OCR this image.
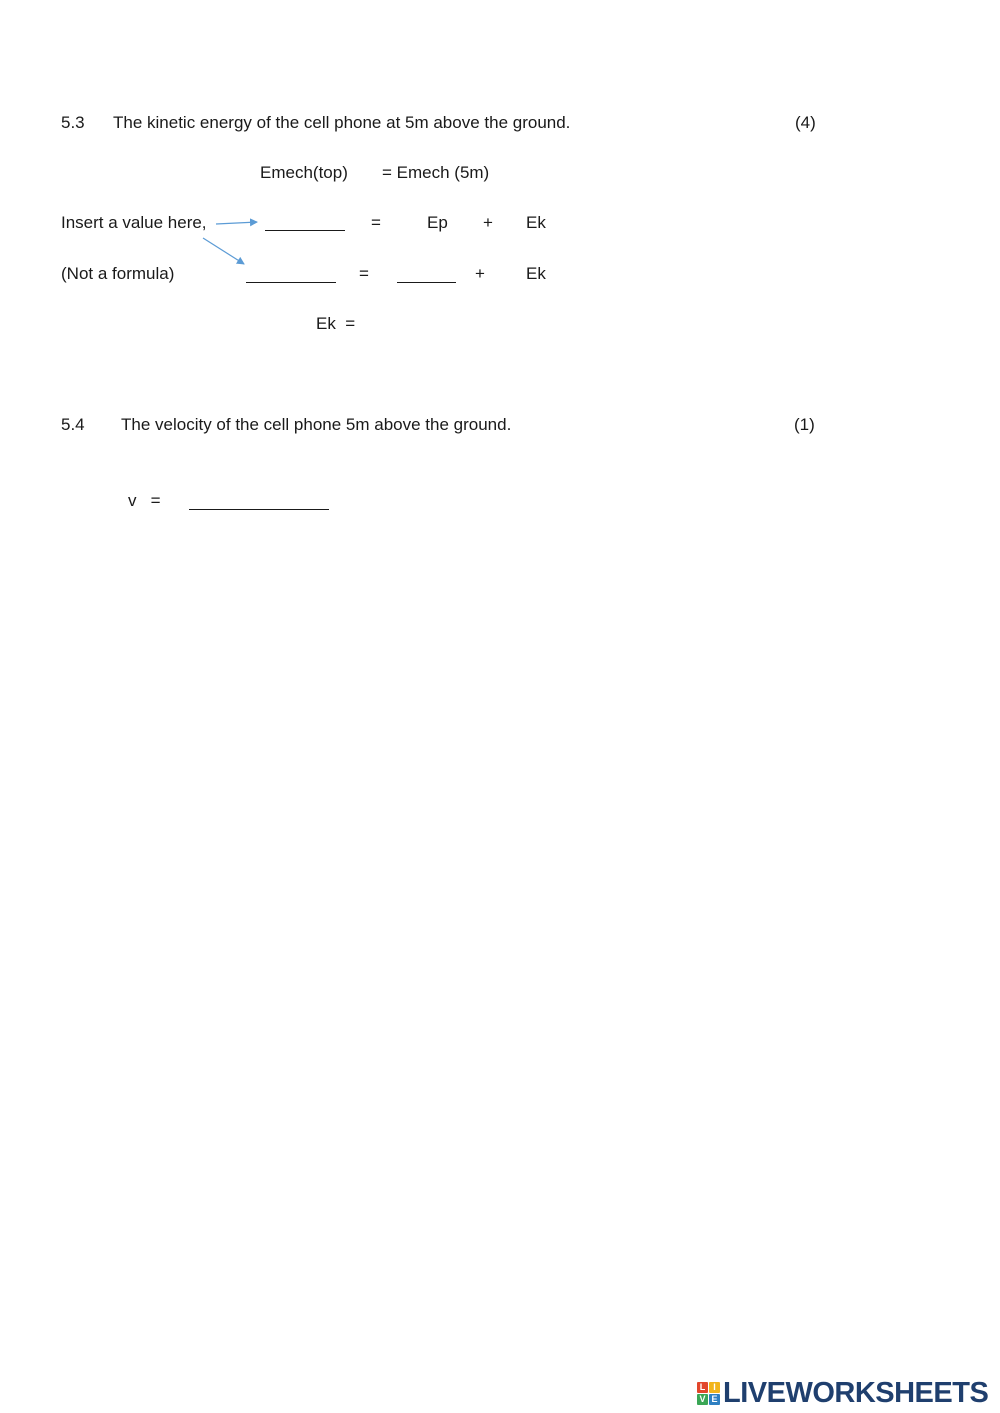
5.3 The kinetic energy of the cell phone at 5m above the ground.	(4)
Emech(top) = Emech (5m)
Insert a value here,	=	Ep + Ek
(Not a formula)	=	+ Ek
Ek  =
5.4 The velocity of the cell phone 5m above the ground.	(1)
v   =
L I
V E LIVEWORKSHEETS
